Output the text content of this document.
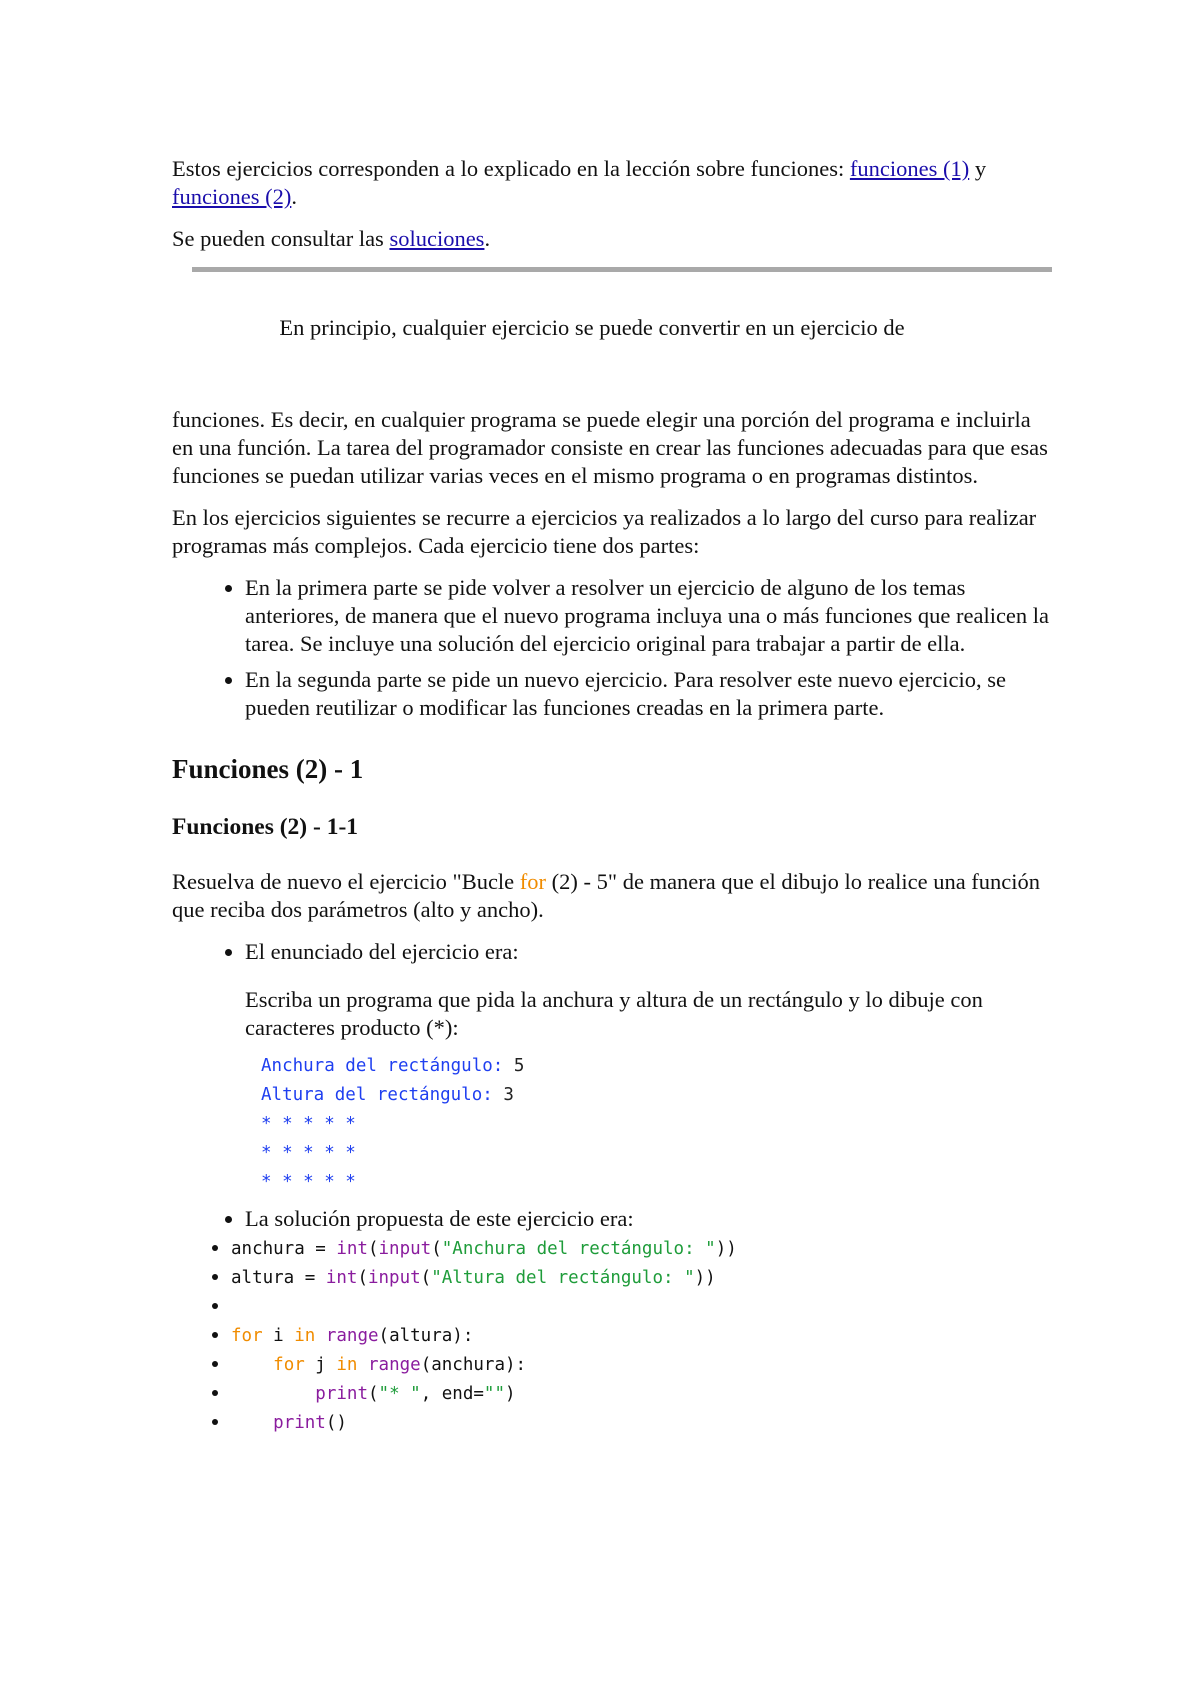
Estos ejercicios corresponden a lo explicado en la lección sobre funciones: funciones (1) y funciones (2).

Se pueden consultar las soluciones.

En principio, cualquier ejercicio se puede convertir en un ejercicio de

funciones. Es decir, en cualquier programa se puede elegir una porción del programa e incluirla en una función. La tarea del programador consiste en crear las funciones adecuadas para que esas funciones se puedan utilizar varias veces en el mismo programa o en programas distintos.

En los ejercicios siguientes se recurre a ejercicios ya realizados a lo largo del curso para realizar programas más complejos. Cada ejercicio tiene dos partes:

• En la primera parte se pide volver a resolver un ejercicio de alguno de los temas anteriores, de manera que el nuevo programa incluya una o más funciones que realicen la tarea. Se incluye una solución del ejercicio original para trabajar a partir de ella.
• En la segunda parte se pide un nuevo ejercicio. Para resolver este nuevo ejercicio, se pueden reutilizar o modificar las funciones creadas en la primera parte.
Funciones (2) - 1
Funciones (2) - 1-1

Resuelva de nuevo el ejercicio "Bucle for (2) - 5" de manera que el dibujo lo realice una función que reciba dos parámetros (alto y ancho).

• El enunciado del ejercicio era:

Escriba un programa que pida la anchura y altura de un rectángulo y lo dibuje con caracteres producto (*):

Anchura del rectángulo: 5
Altura del rectángulo: 3
* * * * *
* * * * *
* * * * *
• La solución propuesta de este ejercicio era:
• anchura = int(input("Anchura del rectángulo: "))
• altura = int(input("Altura del rectángulo: "))
•
• for i in range(altura):
• for j in range(anchura):
• print("* ", end="")
• print()
